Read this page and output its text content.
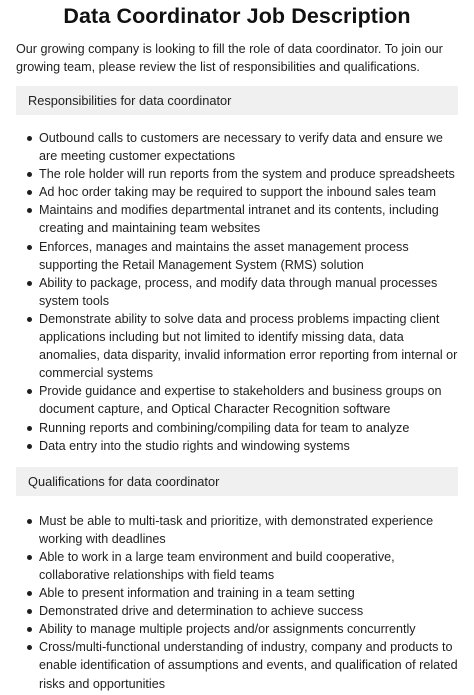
Data Coordinator Job Description

Our growing company is looking to fill the role of data coordinator. To join our growing team, please review the list of responsibilities and qualifications.

Responsibilities for data coordinator
Outbound calls to customers are necessary to verify data and ensure we are meeting customer expectations
The role holder will run reports from the system and produce spreadsheets
Ad hoc order taking may be required to support the inbound sales team
Maintains and modifies departmental intranet and its contents, including creating and maintaining team websites
Enforces, manages and maintains the asset management process supporting the Retail Management System (RMS) solution
Ability to package, process, and modify data through manual processes system tools
Demonstrate ability to solve data and process problems impacting client applications including but not limited to identify missing data, data anomalies, data disparity, invalid information error reporting from internal or commercial systems
Provide guidance and expertise to stakeholders and business groups on document capture, and Optical Character Recognition software
Running reports and combining/compiling data for team to analyze
Data entry into the studio rights and windowing systems
Qualifications for data coordinator
Must be able to multi-task and prioritize, with demonstrated experience working with deadlines
Able to work in a large team environment and build cooperative, collaborative relationships with field teams
Able to present information and training in a team setting
Demonstrated drive and determination to achieve success
Ability to manage multiple projects and/or assignments concurrently
Cross/multi-functional understanding of industry, company and products to enable identification of assumptions and events, and qualification of related risks and opportunities
